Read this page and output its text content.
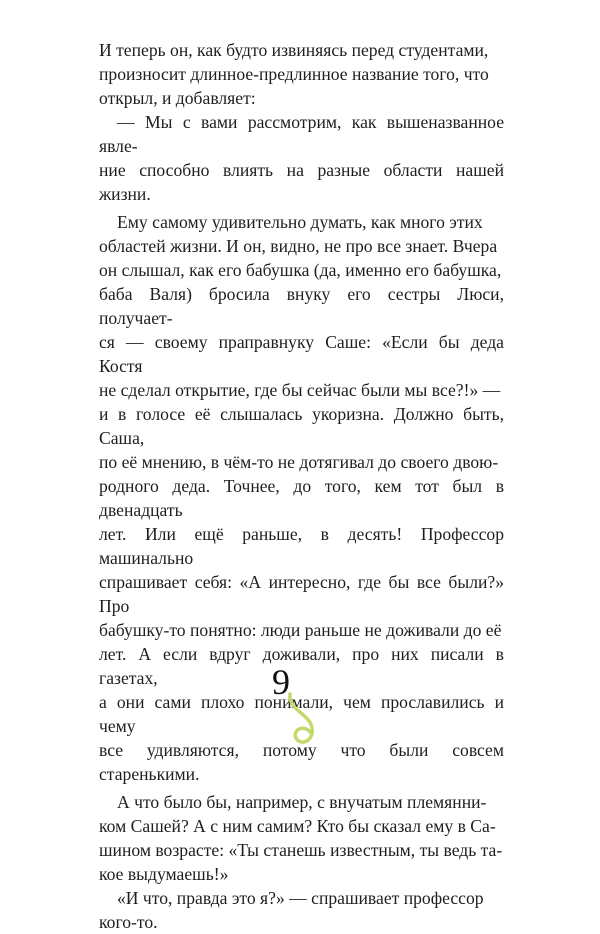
И теперь он, как будто извиняясь перед студентами,
произносит длинное-предлинное название того, что
открыл, и добавляет:

— Мы с вами рассмотрим, как вышеназванное явле-
ние способно влиять на разные области нашей жизни.

Ему самому удивительно думать, как много этих
областей жизни. И он, видно, не про все знает. Вчера
он слышал, как его бабушка (да, именно его бабушка,
баба Валя) бросила внуку его сестры Люси, получает-
ся — своему праправнуку Саше: «Если бы деда Костя
не сделал открытие, где бы сейчас были мы все?!» —
и в голосе её слышалась укоризна. Должно быть, Саша,
по её мнению, в чём-то не дотягивал до своего двою-
родного деда. Точнее, до того, кем тот был в двенадцать
лет. Или ещё раньше, в десять! Профессор машинально
спрашивает себя: «А интересно, где бы все были?» Про
бабушку-то понятно: люди раньше не доживали до её
лет. А если вдруг доживали, про них писали в газетах,
а они сами плохо понимали, чем прославились и чему
все удивляются, потому что были совсем старенькими.

А что было бы, например, с внучатым племянни-
ком Сашей? А с ним самим? Кто бы сказал ему в Са-
шином возрасте: «Ты станешь известным, ты ведь та-
кое выдумаешь!»

«И что, правда это я?» — спрашивает профессор
кого-то.

9
